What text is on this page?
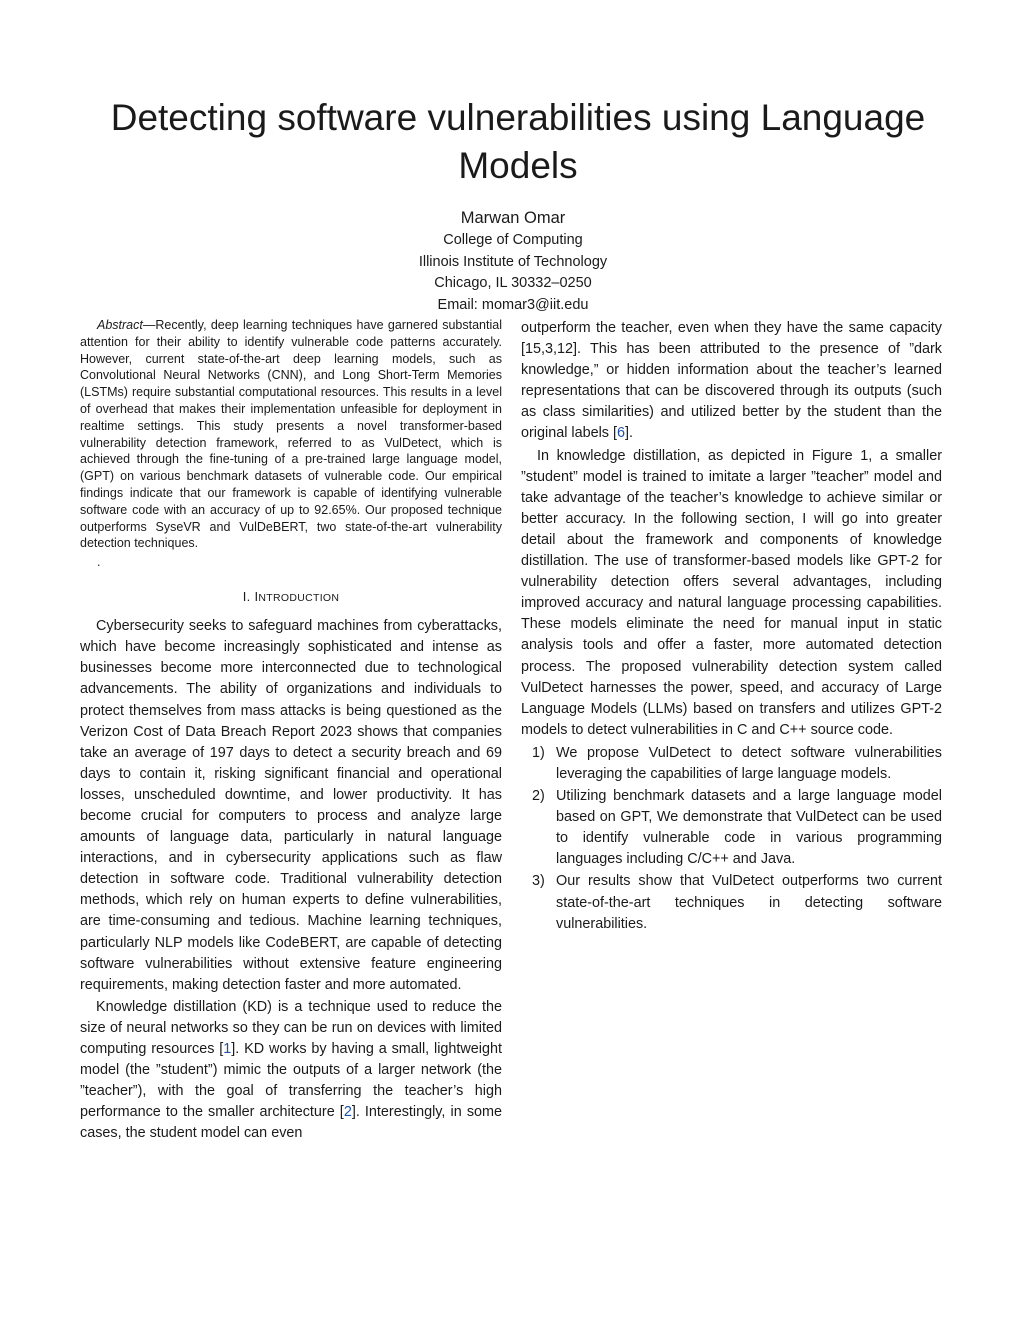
Detecting software vulnerabilities using Language Models
Marwan Omar
College of Computing
Illinois Institute of Technology
Chicago, IL 30332–0250
Email: momar3@iit.edu

Abstract—Recently, deep learning techniques have garnered substantial attention for their ability to identify vulnerable code patterns accurately. However, current state-of-the-art deep learning models, such as Convolutional Neural Networks (CNN), and Long Short-Term Memories (LSTMs) require substantial computational resources. This results in a level of overhead that makes their implementation unfeasible for deployment in realtime settings. This study presents a novel transformer-based vulnerability detection framework, referred to as VulDetect, which is achieved through the fine-tuning of a pre-trained large language model, (GPT) on various benchmark datasets of vulnerable code. Our empirical findings indicate that our framework is capable of identifying vulnerable software code with an accuracy of up to 92.65%. Our proposed technique outperforms SyseVR and VulDeBERT, two state-of-the-art vulnerability detection techniques.

.

I. INTRODUCTION

Cybersecurity seeks to safeguard machines from cyberattacks, which have become increasingly sophisticated and intense as businesses become more interconnected due to technological advancements. The ability of organizations and individuals to protect themselves from mass attacks is being questioned as the Verizon Cost of Data Breach Report 2023 shows that companies take an average of 197 days to detect a security breach and 69 days to contain it, risking significant financial and operational losses, unscheduled downtime, and lower productivity. It has become crucial for computers to process and analyze large amounts of language data, particularly in natural language interactions, and in cybersecurity applications such as flaw detection in software code. Traditional vulnerability detection methods, which rely on human experts to define vulnerabilities, are time-consuming and tedious. Machine learning techniques, particularly NLP models like CodeBERT, are capable of detecting software vulnerabilities without extensive feature engineering requirements, making detection faster and more automated.

Knowledge distillation (KD) is a technique used to reduce the size of neural networks so they can be run on devices with limited computing resources [1]. KD works by having a small, lightweight model (the ”student”) mimic the outputs of a larger network (the ”teacher”), with the goal of transferring the teacher’s high performance to the smaller architecture [2]. Interestingly, in some cases, the student model can even

outperform the teacher, even when they have the same capacity [15,3,12]. This has been attributed to the presence of ”dark knowledge,” or hidden information about the teacher’s learned representations that can be discovered through its outputs (such as class similarities) and utilized better by the student than the original labels [6].

In knowledge distillation, as depicted in Figure 1, a smaller ”student” model is trained to imitate a larger ”teacher” model and take advantage of the teacher’s knowledge to achieve similar or better accuracy. In the following section, I will go into greater detail about the framework and components of knowledge distillation. The use of transformer-based models like GPT-2 for vulnerability detection offers several advantages, including improved accuracy and natural language processing capabilities. These models eliminate the need for manual input in static analysis tools and offer a faster, more automated detection process. The proposed vulnerability detection system called VulDetect harnesses the power, speed, and accuracy of Large Language Models (LLMs) based on transfers and utilizes GPT-2 models to detect vulnerabilities in C and C++ source code.

1) We propose VulDetect to detect software vulnerabilities leveraging the capabilities of large language models.
2) Utilizing benchmark datasets and a large language model based on GPT, We demonstrate that VulDetect can be used to identify vulnerable code in various programming languages including C/C++ and Java.
3) Our results show that VulDetect outperforms two current state-of-the-art techniques in detecting software vulnerabilities.
